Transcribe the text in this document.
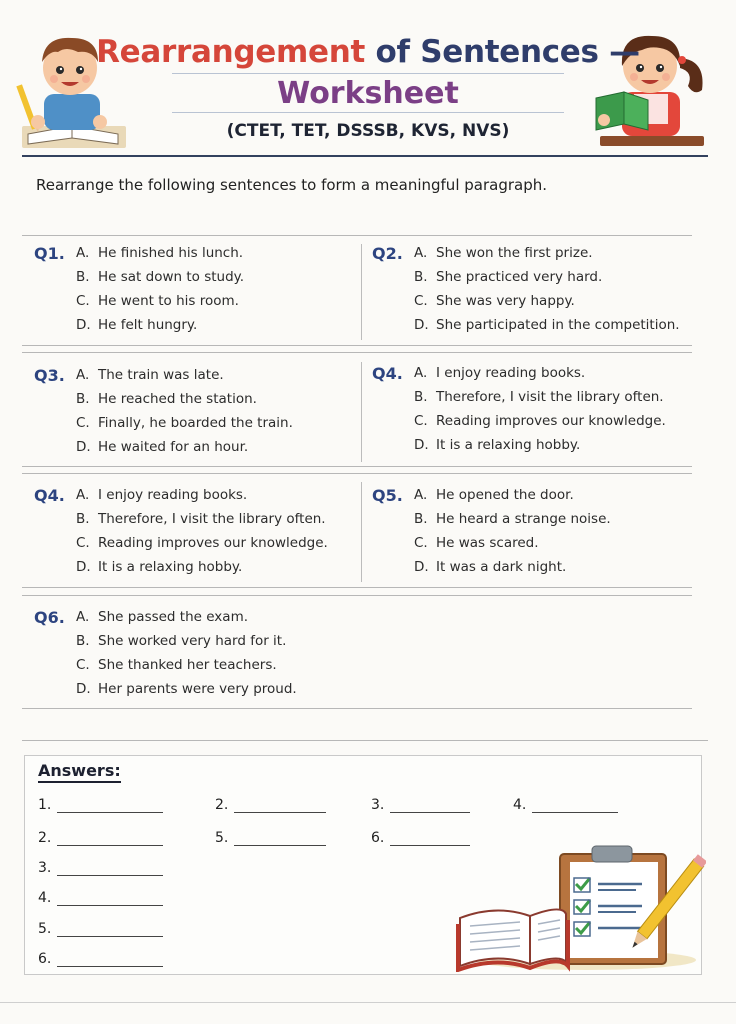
Rearrangement of Sentences —
Worksheet
(CTET, TET, DSSSB, KVS, NVS)
Rearrange the following sentences to form a meaningful paragraph.
Q1. A. He finished his lunch.
B. He sat down to study.
C. He went to his room.
D. He felt hungry.
Q2. A. She won the first prize.
B. She practiced very hard.
C. She was very happy.
D. She participated in the competition.
Q3. A. The train was late.
B. He reached the station.
C. Finally, he boarded the train.
D. He waited for an hour.
Q4. A. I enjoy reading books.
B. Therefore, I visit the library often.
C. Reading improves our knowledge.
D. It is a relaxing hobby.
Q4. A. I enjoy reading books.
B. Therefore, I visit the library often.
C. Reading improves our knowledge.
D. It is a relaxing hobby.
Q5. A. He opened the door.
B. He heard a strange noise.
C. He was scared.
D. It was a dark night.
Q6. A. She passed the exam.
B. She worked very hard for it.
C. She thanked her teachers.
D. Her parents were very proud.
Answers:
1.	2.	3.	4.
2.	5.	6.
3.
4.
5.
6.
